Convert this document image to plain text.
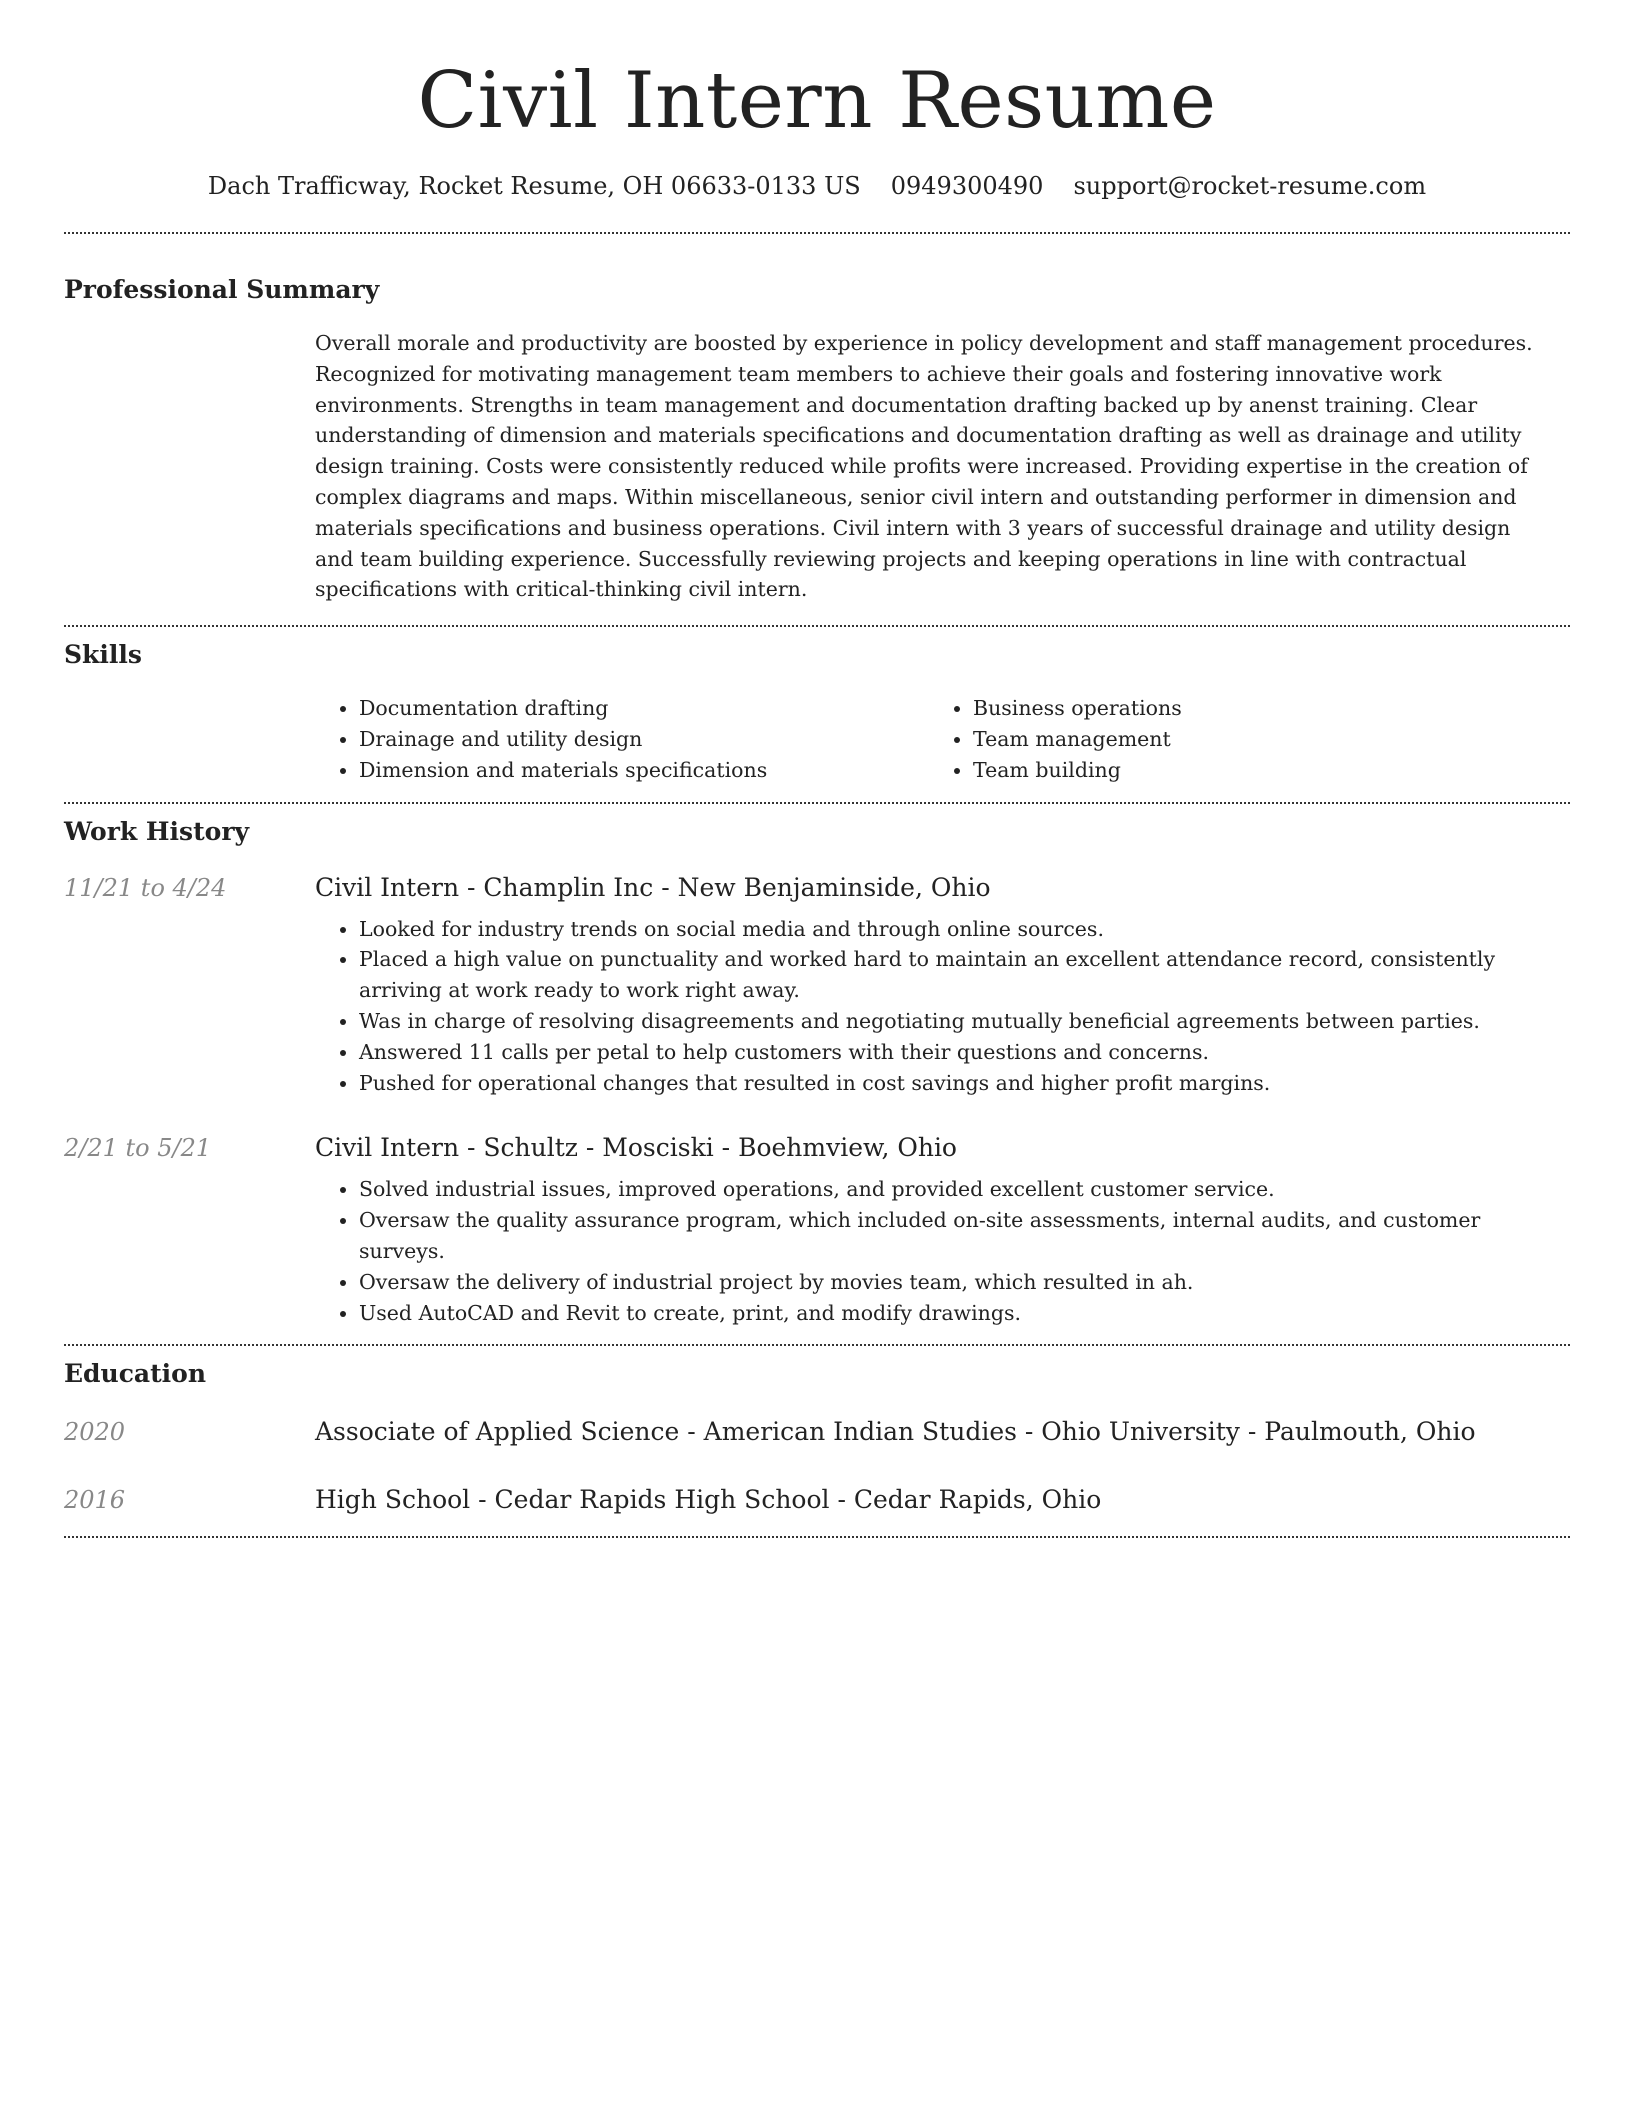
Civil Intern Resume
Dach Trafficway, Rocket Resume, OH 06633-0133 US 0949300490 support@rocket-resume.com
Professional Summary
Overall morale and productivity are boosted by experience in policy development and staff management procedures. Recognized for motivating management team members to achieve their goals and fostering innovative work environments. Strengths in team management and documentation drafting backed up by anenst training. Clear understanding of dimension and materials specifications and documentation drafting as well as drainage and utility design training. Costs were consistently reduced while profits were increased. Providing expertise in the creation of complex diagrams and maps. Within miscellaneous, senior civil intern and outstanding performer in dimension and materials specifications and business operations. Civil intern with 3 years of successful drainage and utility design and team building experience. Successfully reviewing projects and keeping operations in line with contractual specifications with critical-thinking civil intern.
Skills
• Documentation drafting
• Drainage and utility design
• Dimension and materials specifications
• Business operations
• Team management
• Team building
Work History
11/21 to 4/24	Civil Intern - Champlin Inc - New Benjaminside, Ohio
• Looked for industry trends on social media and through online sources.
• Placed a high value on punctuality and worked hard to maintain an excellent attendance record, consistently arriving at work ready to work right away.
• Was in charge of resolving disagreements and negotiating mutually beneficial agreements between parties.
• Answered 11 calls per petal to help customers with their questions and concerns.
• Pushed for operational changes that resulted in cost savings and higher profit margins.
2/21 to 5/21	Civil Intern - Schultz - Mosciski - Boehmview, Ohio
• Solved industrial issues, improved operations, and provided excellent customer service.
• Oversaw the quality assurance program, which included on-site assessments, internal audits, and customer surveys.
• Oversaw the delivery of industrial project by movies team, which resulted in ah.
• Used AutoCAD and Revit to create, print, and modify drawings.
Education
2020	Associate of Applied Science - American Indian Studies - Ohio University - Paulmouth, Ohio
2016	High School - Cedar Rapids High School - Cedar Rapids, Ohio
